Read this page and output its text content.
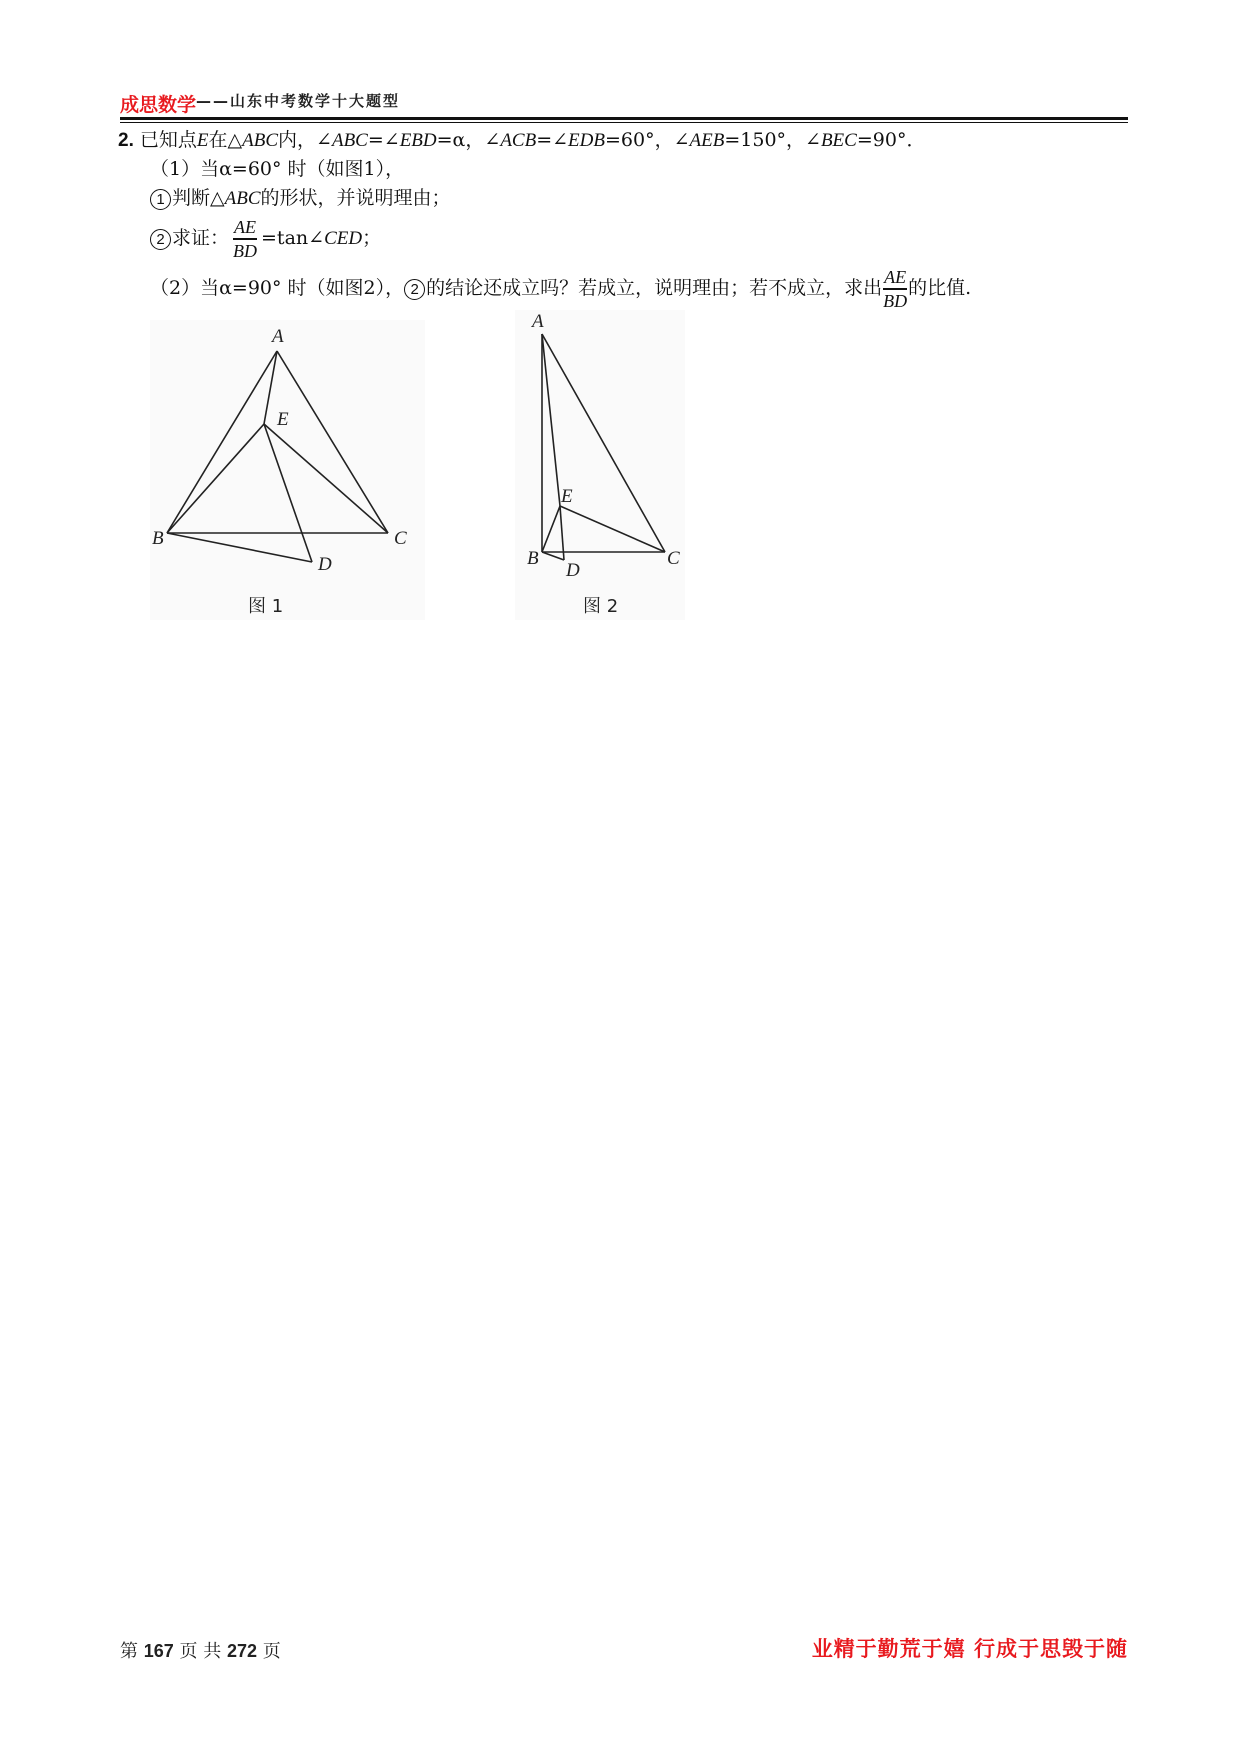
成思数学 ——山东中考数学十大题型
2. 已知点E在△ABC内，∠ABC=∠EBD=α，∠ACB=∠EDB=60°，∠AEB=150°，∠BEC=90°．
（1）当α=60° 时（如图1），
1 判断△ABC的形状，并说明理由；
2 求证： $\frac{AE}{BD}$ =tan∠CED；
（2）当α=90° 时（如图2）， 2 的结论还成立吗？若成立，说明理由；若不成立，求出 $\frac{AE}{BD}$ 的比值.
A
E
B	C
D
图 1
A
E
B	C
D
图 2
第 167 页 共 272 页	业精于勤荒于嬉 行成于思毁于随
